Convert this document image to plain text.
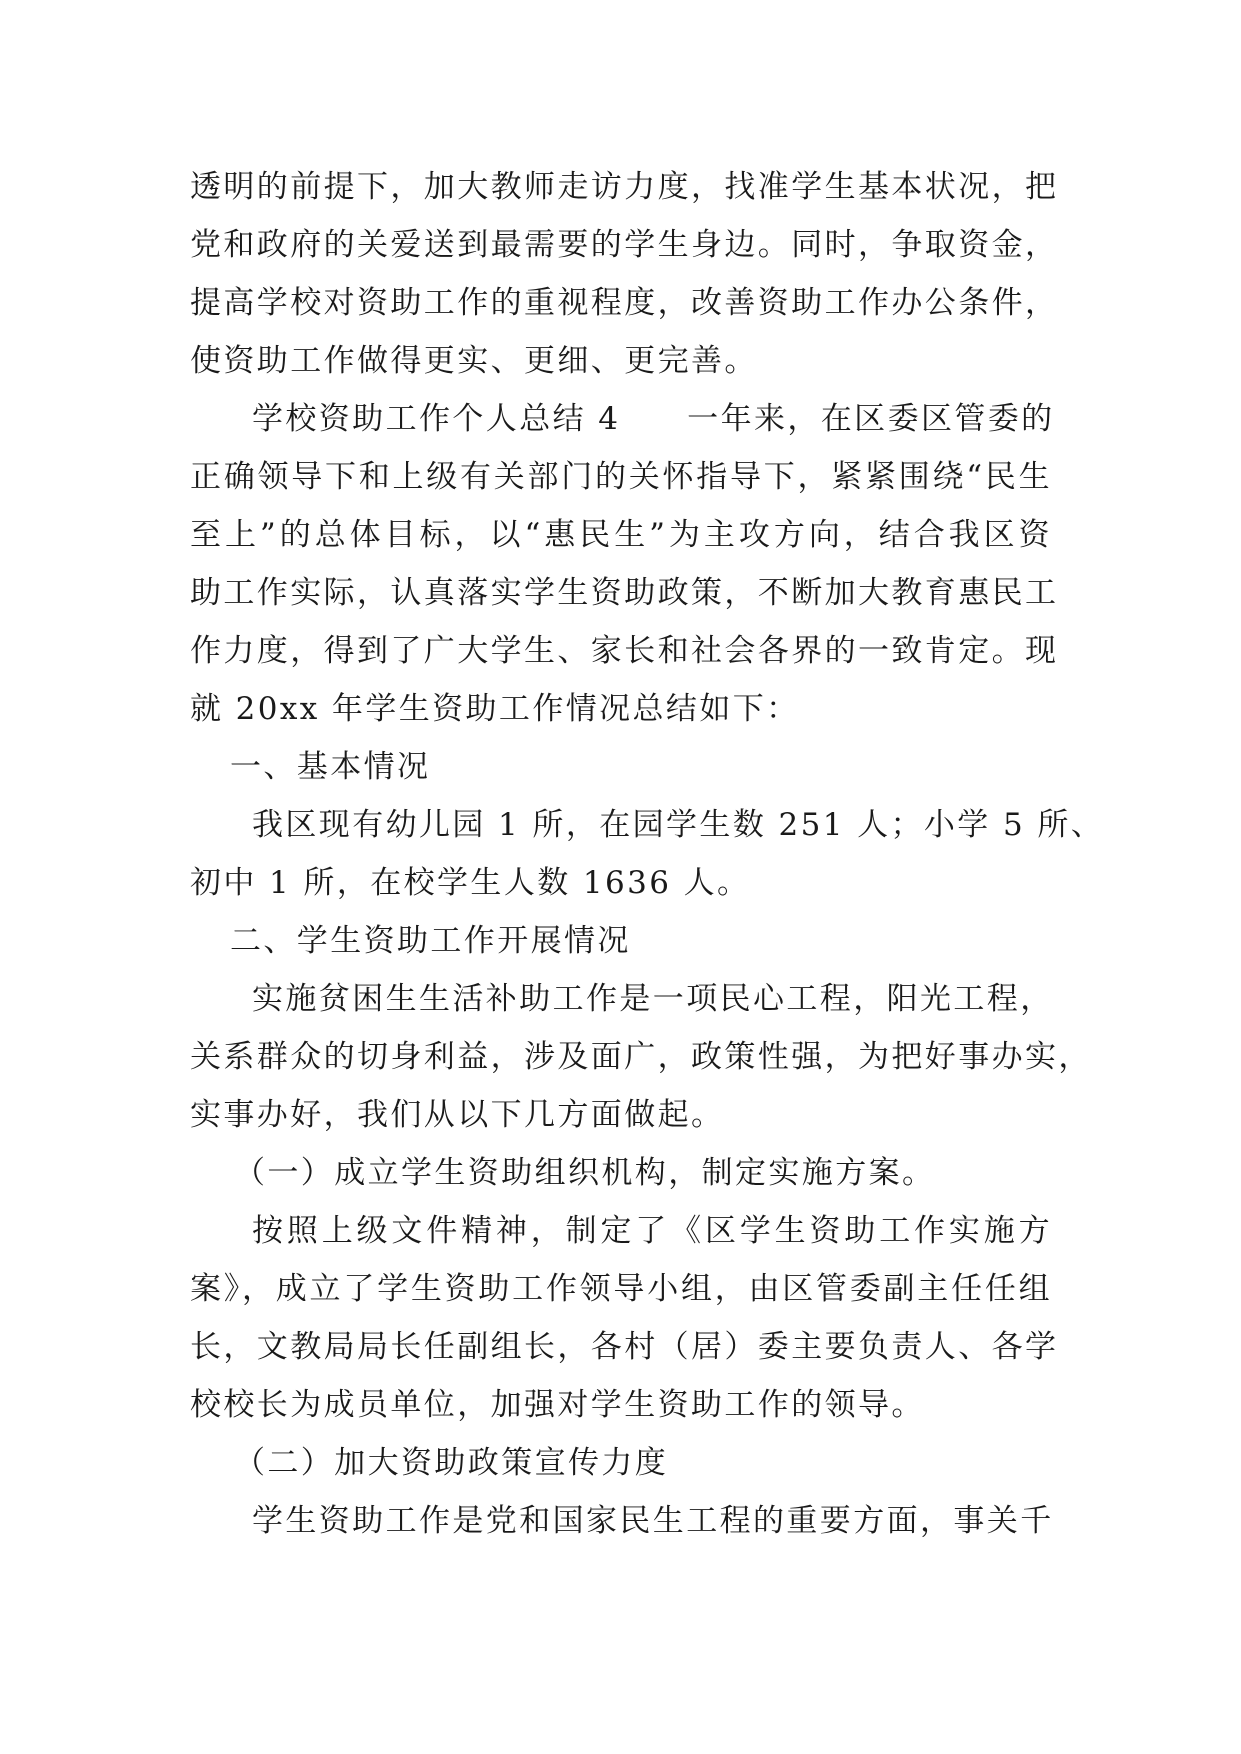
透明的前提下，加大教师走访力度，找准学生基本状况，把
党和政府的关爱送到最需要的学生身边。同时，争取资金，
提高学校对资助工作的重视程度，改善资助工作办公条件，
使资助工作做得更实、更细、更完善。
学校资助工作个人总结 4　　一年来，在区委区管委的
正确领导下和上级有关部门的关怀指导下，紧紧围绕“民生
至上”的总体目标，以“惠民生”为主攻方向，结合我区资
助工作实际，认真落实学生资助政策，不断加大教育惠民工
作力度，得到了广大学生、家长和社会各界的一致肯定。现
就 20xx 年学生资助工作情况总结如下：
一、基本情况
我区现有幼儿园 1 所，在园学生数 251 人；小学 5 所、
初中 1 所，在校学生人数 1636 人。
二、学生资助工作开展情况
实施贫困生生活补助工作是一项民心工程，阳光工程，
关系群众的切身利益，涉及面广，政策性强，为把好事办实，
实事办好，我们从以下几方面做起。
（一）成立学生资助组织机构，制定实施方案。
按照上级文件精神，制定了《区学生资助工作实施方
案》，成立了学生资助工作领导小组，由区管委副主任任组
长，文教局局长任副组长，各村（居）委主要负责人、各学
校校长为成员单位，加强对学生资助工作的领导。
（二）加大资助政策宣传力度
学生资助工作是党和国家民生工程的重要方面，事关千
